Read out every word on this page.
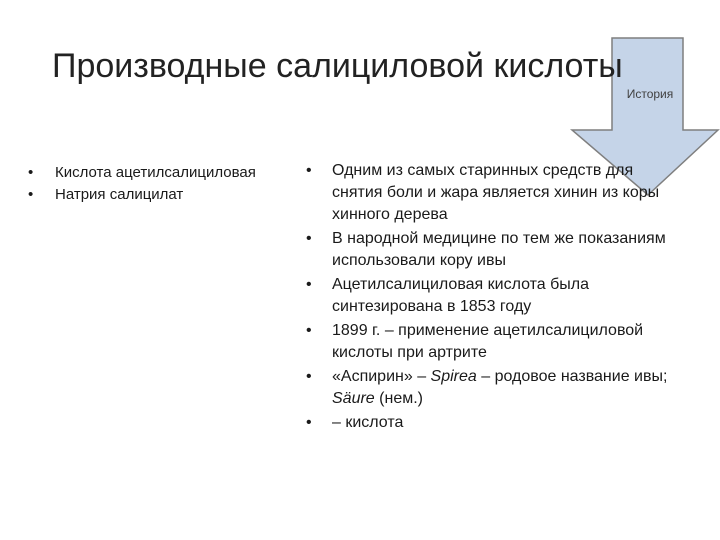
История
Производные салициловой кислоты
• Кислота ацетилсалициловая
• Натрия салицилат
• Одним из самых старинных средств для снятия боли и жара является хинин из коры хинного дерева
• В народной медицине по тем же показаниям использовали кору ивы
• Ацетилсалициловая кислота была синтезирована в 1853 году
• 1899 г. – применение ацетилсалициловой кислоты при артрите
• «Аспирин» – Spirea – родовое название ивы; Säure (нем.)
• – кислота
